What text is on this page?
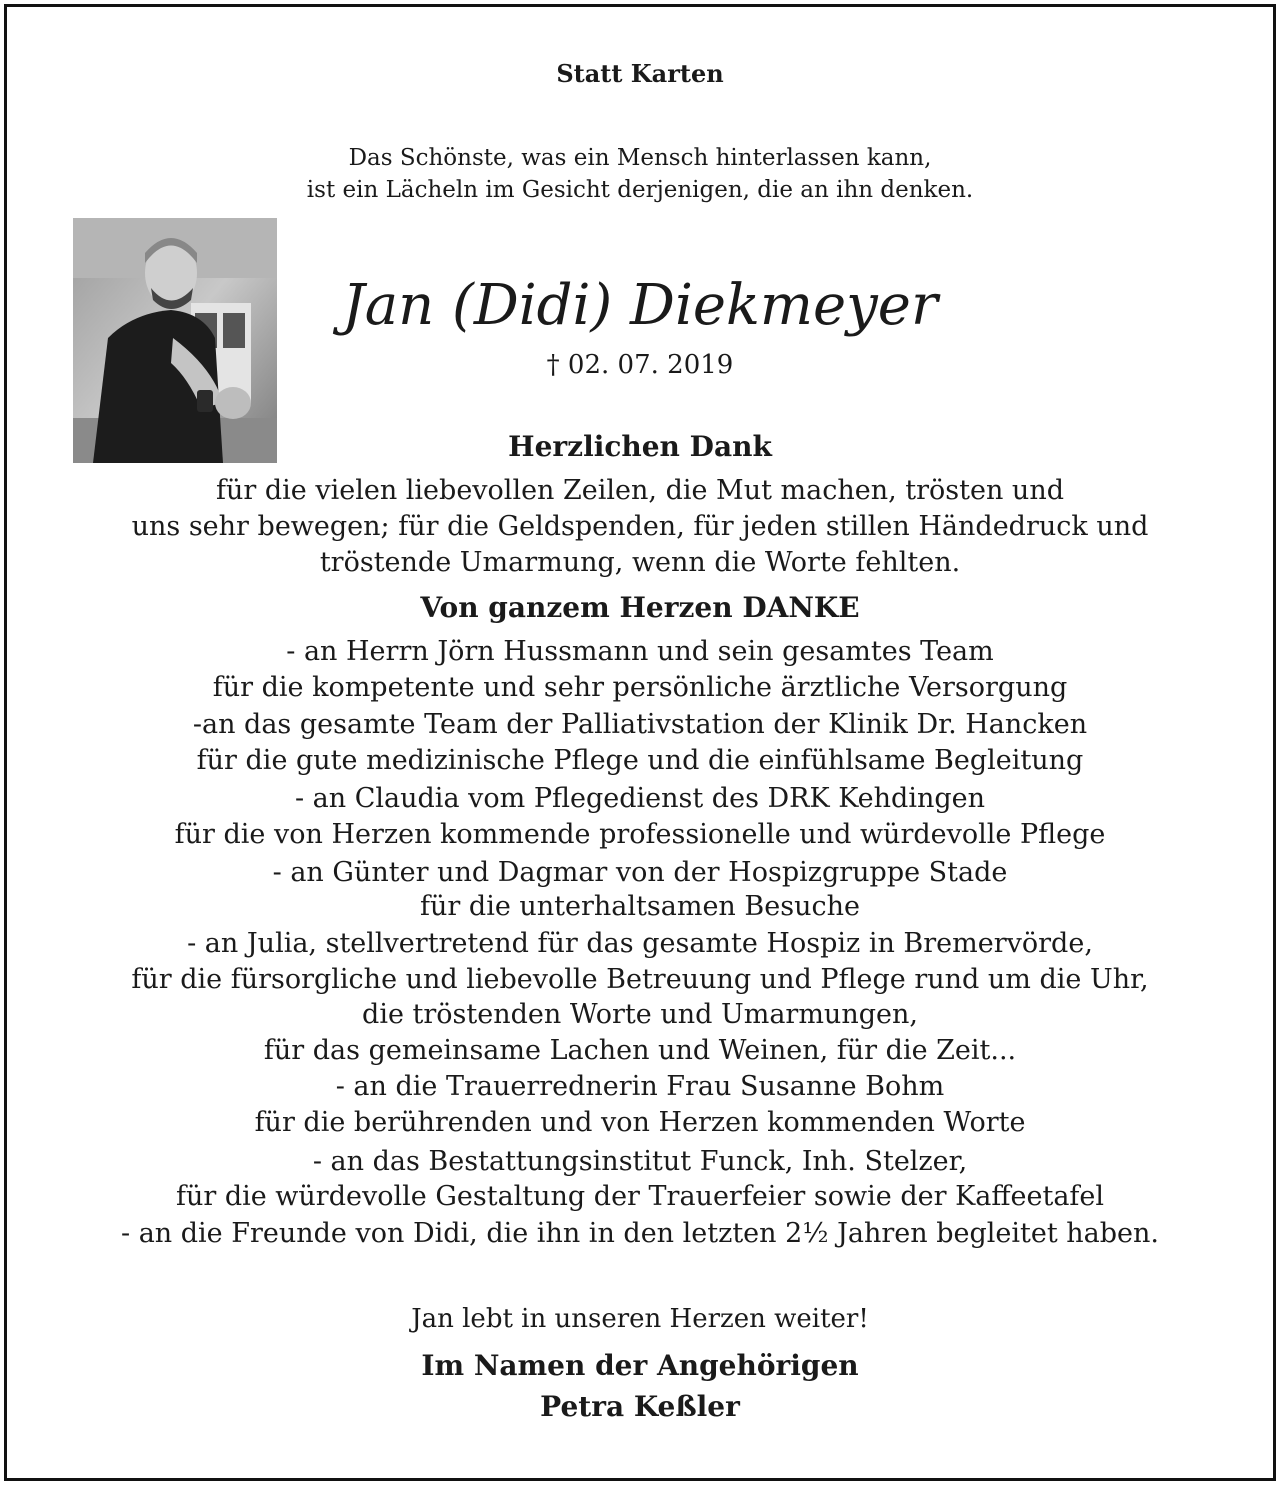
Statt Karten

Das Schönste, was ein Mensch hinterlassen kann,

ist ein Lächeln im Gesicht derjenigen, die an ihn denken.

Jan (Didi) Diekmeyer

† 02. 07. 2019

Herzlichen Dank

für die vielen liebevollen Zeilen, die Mut machen, trösten und

uns sehr bewegen; für die Geldspenden, für jeden stillen Händedruck und

tröstende Umarmung, wenn die Worte fehlten.

Von ganzem Herzen DANKE

- an Herrn Jörn Hussmann und sein gesamtes Team

für die kompetente und sehr persönliche ärztliche Versorgung

-an das gesamte Team der Palliativstation der Klinik Dr. Hancken

für die gute medizinische Pflege und die einfühlsame Begleitung

- an Claudia vom Pflegedienst des DRK Kehdingen

für die von Herzen kommende professionelle und würdevolle Pflege

- an Günter und Dagmar von der Hospizgruppe Stade

für die unterhaltsamen Besuche

- an Julia, stellvertretend für das gesamte Hospiz in Bremervörde,

für die fürsorgliche und liebevolle Betreuung und Pflege rund um die Uhr,

die tröstenden Worte und Umarmungen,

für das gemeinsame Lachen und Weinen, für die Zeit...

- an die Trauerrednerin Frau Susanne Bohm

für die berührenden und von Herzen kommenden Worte

- an das Bestattungsinstitut Funck, Inh. Stelzer,

für die würdevolle Gestaltung der Trauerfeier sowie der Kaffeetafel

- an die Freunde von Didi, die ihn in den letzten 2½ Jahren begleitet haben.

Jan lebt in unseren Herzen weiter!

Im Namen der Angehörigen

Petra Keßler
